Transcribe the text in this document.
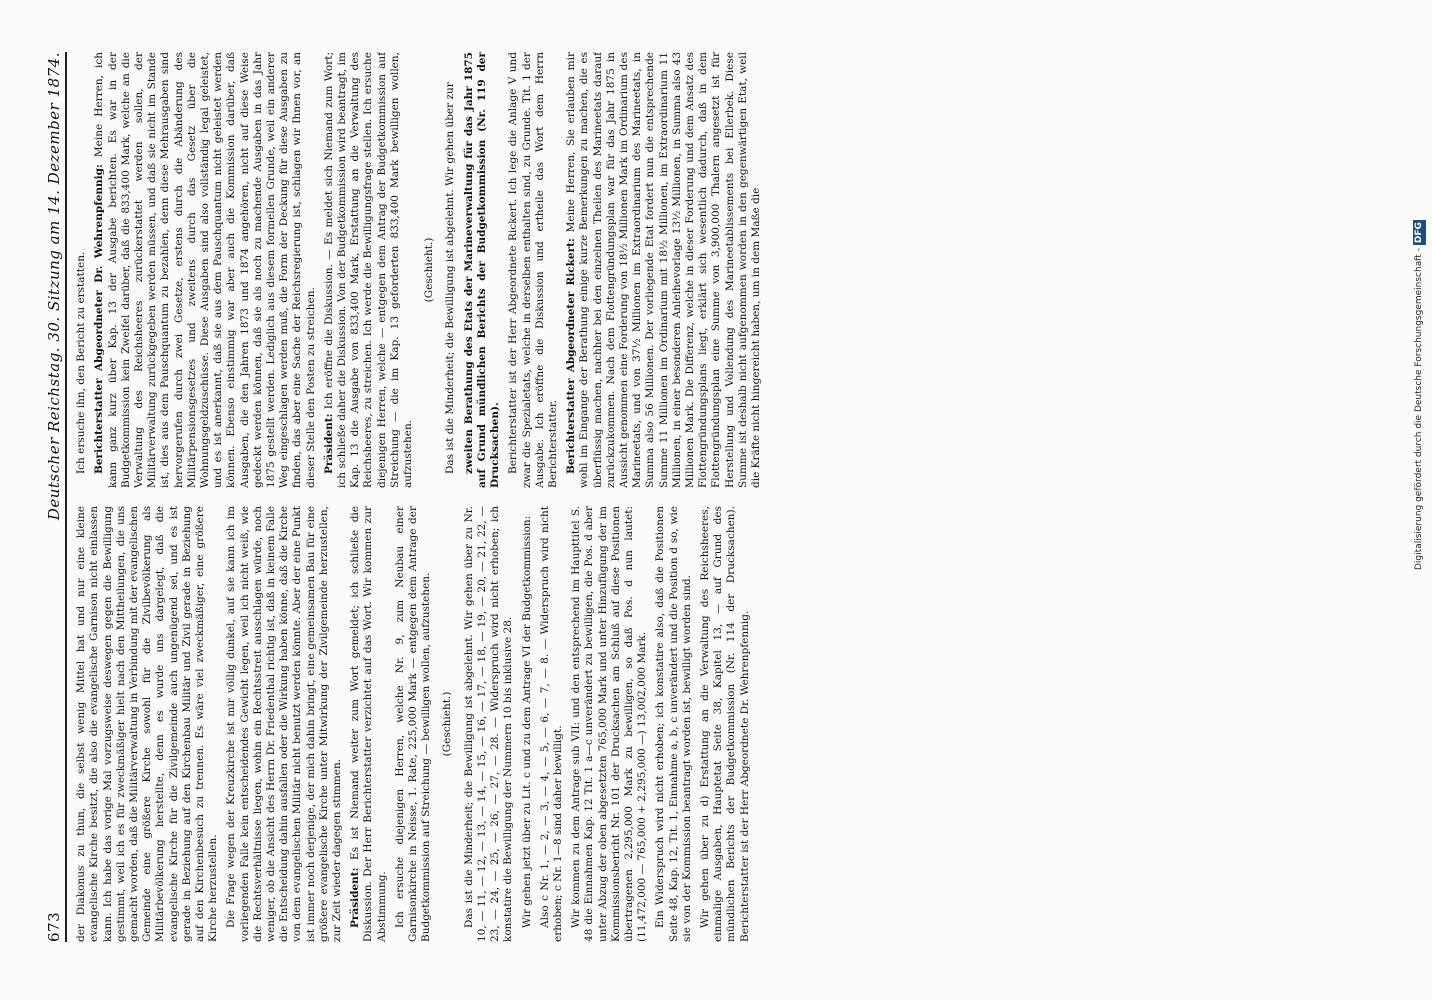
673
Deutscher Reichstag. 30. Sitzung am 14. Dezember 1874.

der Diakonus zu thun, die selbst wenig Mittel hat und nur eine kleine evangelische Kirche besitzt, die also die evangelische Garnison nicht einlassen kann. Ich habe das vorige Mal vorzugsweise deswegen gegen die Bewilligung gestimmt, weil ich es für zweckmäßiger hielt nach den Mittheilungen, die uns gemacht worden, daß die Militärverwaltung in Verbindung mit der evangelischen Gemeinde eine größere Kirche sowohl für die Zivilbevölkerung als Militärbevölkerung herstellte, denn es wurde uns dargelegt, daß die evangelische Kirche für die Zivilgemeinde auch ungenügend sei, und es ist gerade in Beziehung auf den Kirchenbau Militär und Zivil gerade in Beziehung auf den Kirchenbesuch zu trennen. Es wäre viel zweckmäßiger, eine größere Kirche herzustellen. Die Frage wegen der Kreuzkirche ist mir völlig dunkel, auf sie kann ich im vorliegenden Falle kein entscheidendes Gewicht legen, weil ich nicht weiß, wie die Rechtsverhältnisse liegen, wohin ein Rechtsstreit ausschlagen würde, noch weniger, ob die Ansicht des Herrn Dr. Friedenthal richtig ist, daß in keinem Falle die Entscheidung dahin ausfallen oder die Wirkung haben könne, daß die Kirche von dem evangelischen Militär nicht benutzt werden könnte. Aber der eine Punkt ist immer noch derjenige, der mich dahin bringt, eine gemeinsamen Bau für eine größere evangelische Kirche unter Mitwirkung der Zivilgemeinde herzustellen, zur Zeit wieder dagegen stimmen. Präsident: Es ist Niemand weiter zum Wort gemeldet; ich schließe die Diskussion. Der Herr Berichterstatter verzichtet auf das Wort. Wir kommen zur Abstimmung. Ich ersuche diejenigen Herren, welche Nr. 9, zum Neubau einer Garnisonkirche in Neisse, 1. Rate, 225,000 Mark — entgegen dem Antrage der Budgetkommission auf Streichung — bewilligen wollen, aufzustehen. (Geschieht.) Das ist die Minderheit; die Bewilligung ist abgelehnt. Wir gehen über zu Nr. 10, — 11, — 12, — 13, — 14, — 15, — 16, — 17, — 18, — 19, — 20, — 21, 22, — 23, — 24, — 25, — 26, — 27, — 28. — Widerspruch wird nicht erhoben; ich konstatire die Bewilligung der Nummern 10 bis inklusive 28. Wir gehen jetzt über zu Lit. c und zu dem Antrage VI der Budgetkommission: Also c Nr. 1, — 2, — 3, — 4, — 5, — 6, — 7, — 8. — Widerspruch wird nicht erhoben; c Nr. 1—8 sind daher bewilligt. Wir kommen zu dem Antrage sub VII: und den entsprechend im Haupttitel S. 48 die Einnahmen Kap. 12 Tit. 1 a—c unverändert zu bewilligen, die Pos. d aber unter Abzug der oben abgesetzten 765,000 Mark und unter Hinzufügung der im Kommissionsbericht Nr. 101 der Drucksachen am Schluß auf diese Positionen übertragenen 2,295,000 Mark zu bewilligen, so daß Pos. d nun lautet: (11,472,000 — 765,000 + 2,295,000 —) 13,002,000 Mark. Ein Widerspruch wird nicht erhoben; ich konstatire also, daß die Positionen Seite 48, Kap. 12, Tit. 1, Einnahme a, b, c unverändert und die Position d so, wie sie von der Kommission beantragt worden ist, bewilligt worden sind. Wir gehen über zu d) Erstattung an die Verwaltung des Reichsheeres, einmalige Ausgaben, Hauptetat Seite 38, Kapitel 13, — auf Grund des mündlichen Berichts der Budgetkommission (Nr. 114 der Drucksachen). Berichterstatter ist der Herr Abgeordnete Dr. Wehrenpfennig.

Ich ersuche ihn, den Bericht zu erstatten. Berichterstatter Abgeordneter Dr. Wehrenpfennig: Meine Herren, ich kann ganz kurz über Kap. 13 der Ausgabe berichten. Es war in der Budgetkommission kein Zweifel darüber, daß die 833,400 Mark, welche an die Verwaltung des Reichsheeres zurückerstattet werden sollen, der Militärverwaltung zurückgegeben werden müssen, und daß sie nicht im Stande ist, dies aus dem Pauschquantum zu bezahlen, denn diese Mehrausgaben sind hervorgerufen durch zwei Gesetze, erstens durch die Abänderung des Militärpensionsgesetzes und zweitens durch das Gesetz über die Wohnungsgeldzuschüsse. Diese Ausgaben sind also vollständig legal geleistet, und es ist anerkannt, daß sie aus dem Pauschquantum nicht geleistet werden können. Ebenso einstimmig war aber auch die Kommission darüber, daß Ausgaben, die den Jahren 1873 und 1874 angehören, nicht auf diese Weise gedeckt werden können, daß sie als noch zu machende Ausgaben in das Jahr 1875 gestellt werden. Lediglich aus diesem formellen Grunde, weil ein anderer Weg eingeschlagen werden muß, die Form der Deckung für diese Ausgaben zu finden, das aber eine Sache der Reichsregierung ist, schlagen wir Ihnen vor, an dieser Stelle den Posten zu streichen. Präsident: Ich eröffne die Diskussion. — Es meldet sich Niemand zum Wort; ich schließe daher die Diskussion. Von der Budgetkommission wird beantragt, im Kap. 13 die Ausgabe von 833,400 Mark, Erstattung an die Verwaltung des Reichsheeres, zu streichen. Ich werde die Bewilligungsfrage stellen. Ich ersuche diejenigen Herren, welche — entgegen dem Antrag der Budgetkommission auf Streichung — die im Kap. 13 geforderten 833,400 Mark bewilligen wollen, aufzustehen.

(Geschieht.) Das ist die Minderheit; die Bewilligung ist abgelehnt. Wir gehen über zur zweiten Berathung des Etats der Marineverwaltung für das Jahr 1875 auf Grund mündlichen Berichts der Budgetkommission (Nr. 119 der Drucksachen). Berichterstatter ist der Herr Abgeordnete Rickert. Ich lege die Anlage V und zwar die Spezialetats, welche in derselben enthalten sind, zu Grunde. Tit. 1 der Ausgabe. Ich eröffne die Diskussion und ertheile das Wort dem Herrn Berichterstatter. Berichterstatter Abgeordneter Rickert: Meine Herren, Sie erlauben mir wohl im Eingange der Berathung einige kurze Bemerkungen zu machen, die es überflüssig machen, nachher bei den einzelnen Theilen des Marineetats darauf zurückzukommen. Nach dem Flottengründungsplan war für das Jahr 1875 in Aussicht genommen eine Forderung von 18½ Millionen Mark im Ordinarium des Marineetats, und von 37½ Millionen im Extraordinarium des Marineetats, in Summa also 56 Millionen. Der vorliegende Etat fordert nun die entsprechende Summe 11 Millionen im Ordinarium mit 18½ Millionen, im Extraordinarium 11 Millionen, in einer besonderen Anleihevorlage 13½ Millionen, in Summa also 43 Millionen Mark. Die Differenz, welche in dieser Forderung und dem Ansatz des Flottengründungsplans liegt, erklärt sich wesentlich dadurch, daß in dem Flottengründungsplan eine Summe von 3,900,000 Thalern angesetzt ist für Herstellung und Vollendung des Marineetablissements bei Ellerbek. Diese Summe ist deshalb nicht aufgenommen worden in den gegenwärtigen Etat, weil die Kräfte nicht hingereicht haben, um in dem Maße die	Digitalisierung gefördert durch die Deutsche Forschungsgemeinschaft -DFG
